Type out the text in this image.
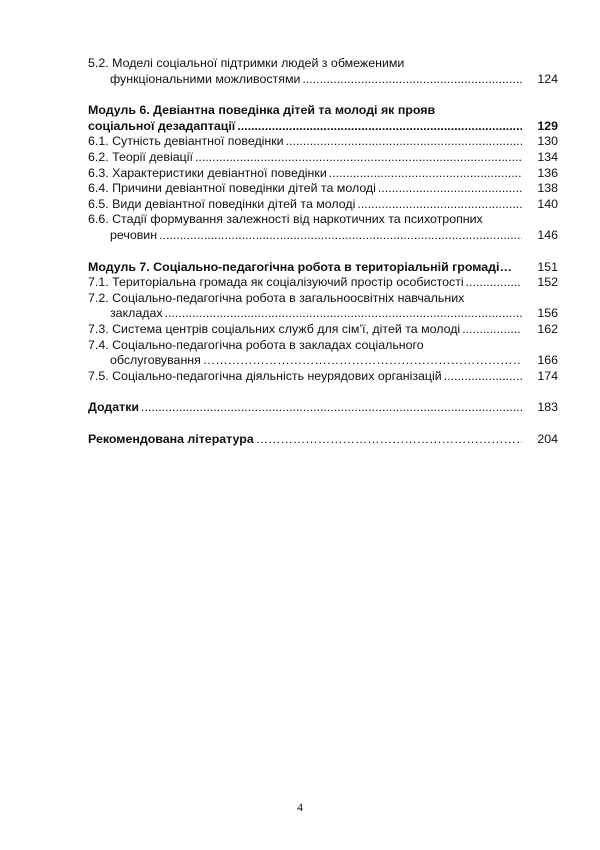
5.2. Моделі соціальної підтримки людей з обмеженими
функціональними можливостями .....	124
Модуль 6. Девіантна поведінка дітей та молоді як прояв
соціальної дезадаптації .....	129
6.1. Сутність девіантної поведінки .....	130
6.2. Теорії девіації .....	134
6.3. Характеристики девіантної поведінки .....	136
6.4. Причини девіантної поведінки дітей та молоді .....	138
6.5. Види девіантної поведінки дітей та молоді .....	140
6.6. Стадії формування залежності від наркотичних та психотропних
речовин .....	146
Модуль 7. Соціально-педагогічна робота в територіальній громаді…	151
7.1. Територіальна громада як соціалізуючий простір особистості .....	152
7.2. Соціально-педагогічна робота в загальноосвітніх навчальних
закладах .....	156
7.3. Система центрів соціальних служб для сім’ї, дітей та молоді .....	162
7.4. Соціально-педагогічна робота в закладах соціального
обслуговування ……………………………………………………………………………………………………………………………………………………………	166
7.5. Соціально-педагогічна діяльність неурядових організацій .....	174
Додатки .....	183
Рекомендована література ……………………………………………………………………………………………………………………………………………………………	204
4
